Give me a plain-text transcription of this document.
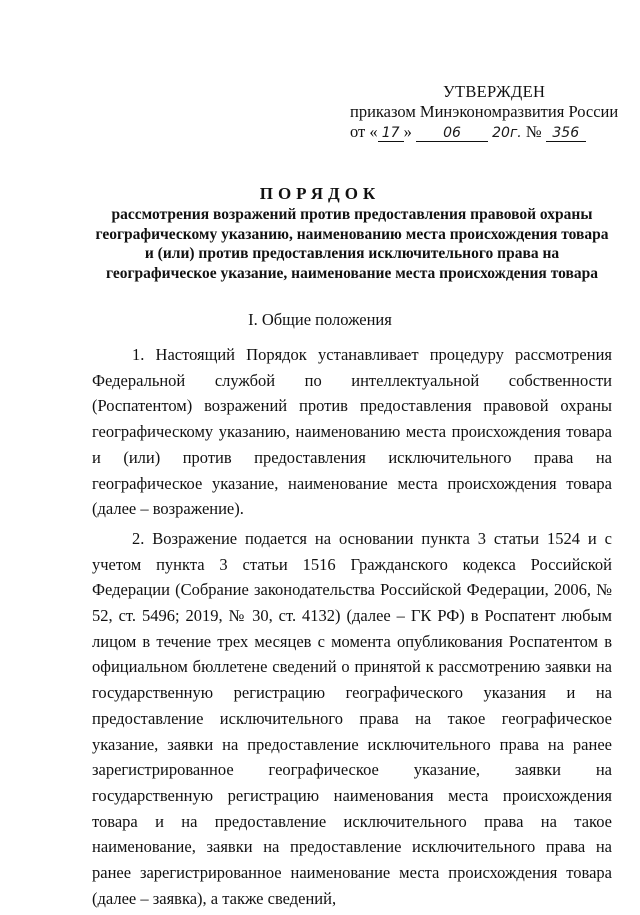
УТВЕРЖДЕН
приказом Минэкономразвития России
от « 17 » 06 20г. № 356
ПОРЯДОК
рассмотрения возражений против предоставления правовой охраны географическому указанию, наименованию места происхождения товара и (или) против предоставления исключительного права на географическое указание, наименование места происхождения товара
I. Общие положения

1. Настоящий Порядок устанавливает процедуру рассмотрения Федеральной службой по интеллектуальной собственности (Роспатентом) возражений против предоставления правовой охраны географическому указанию, наименованию места происхождения товара и (или) против предоставления исключительного права на географическое указание, наименование места происхождения товара (далее – возражение).

2. Возражение подается на основании пункта 3 статьи 1524 и с учетом пункта 3 статьи 1516 Гражданского кодекса Российской Федерации (Собрание законодательства Российской Федерации, 2006, № 52, ст. 5496; 2019, № 30, ст. 4132) (далее – ГК РФ) в Роспатент любым лицом в течение трех месяцев с момента опубликования Роспатентом в официальном бюллетене сведений о принятой к рассмотрению заявки на государственную регистрацию географического указания и на предоставление исключительного права на такое географическое указание, заявки на предоставление исключительного права на ранее зарегистрированное географическое указание, заявки на государственную регистрацию наименования места происхождения товара и на предоставление исключительного права на такое наименование, заявки на предоставление исключительного права на ранее зарегистрированное наименование места происхождения товара (далее – заявка), а также сведений,
